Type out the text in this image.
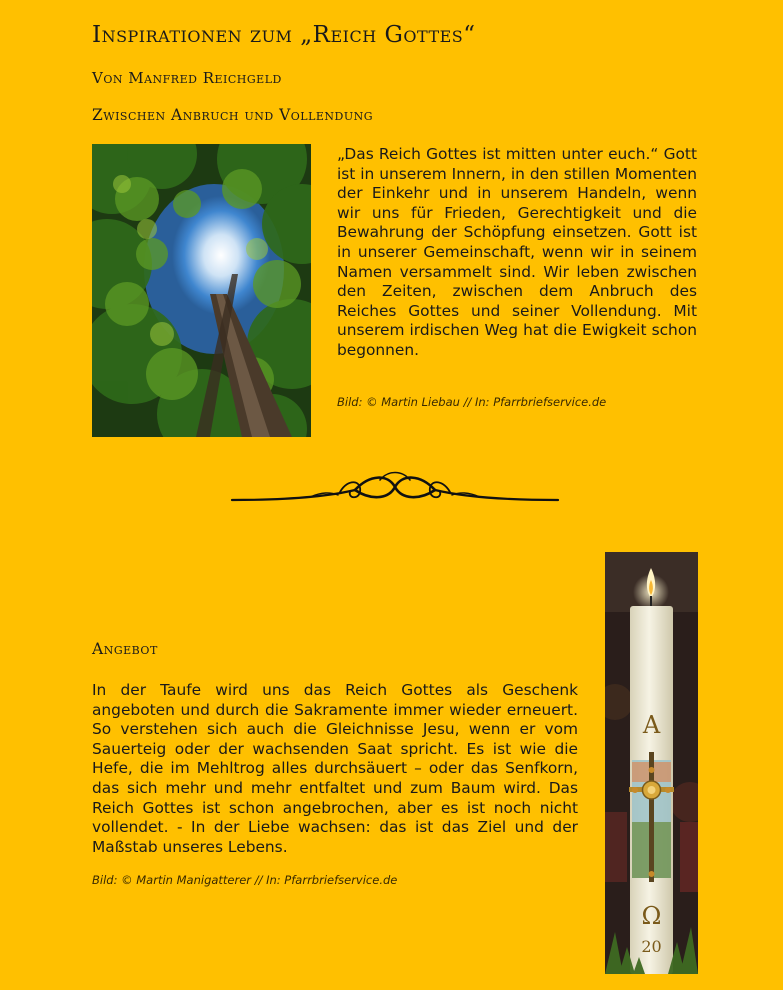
Inspirationen zum „Reich Gottes“
Von Manfred Reichgeld
Zwischen Anbruch und Vollendung
„Das Reich Gottes ist mitten unter euch.“ Gott ist in unserem Innern, in den stillen Momenten der Einkehr und in unserem Handeln, wenn wir uns für Frieden, Gerechtigkeit und die Bewahrung der Schöpfung einsetzen. Gott ist in unserer Gemeinschaft, wenn wir in seinem Namen versammelt sind. Wir leben zwischen den Zeiten, zwischen dem Anbruch des Reiches Gottes und seiner Vollendung. Mit unserem irdischen Weg hat die Ewigkeit schon begonnen.
Bild: © Martin Liebau // In: Pfarrbriefservice.de
Angebot
In der Taufe wird uns das Reich Gottes als Geschenk angeboten und durch die Sakramente immer wieder erneuert. So verstehen sich auch die Gleichnisse Jesu, wenn er vom Sauerteig oder der wachsenden Saat spricht. Es ist wie die Hefe, die im Mehltrog alles durchsäuert – oder das Senfkorn, das sich mehr und mehr entfaltet und zum Baum wird. Das Reich Gottes ist schon angebrochen, aber es ist noch nicht vollendet. - In der Liebe wachsen: das ist das Ziel und der Maßstab unseres Lebens.
Bild: © Martin Manigatterer // In: Pfarrbriefservice.de
A
Ω
20
